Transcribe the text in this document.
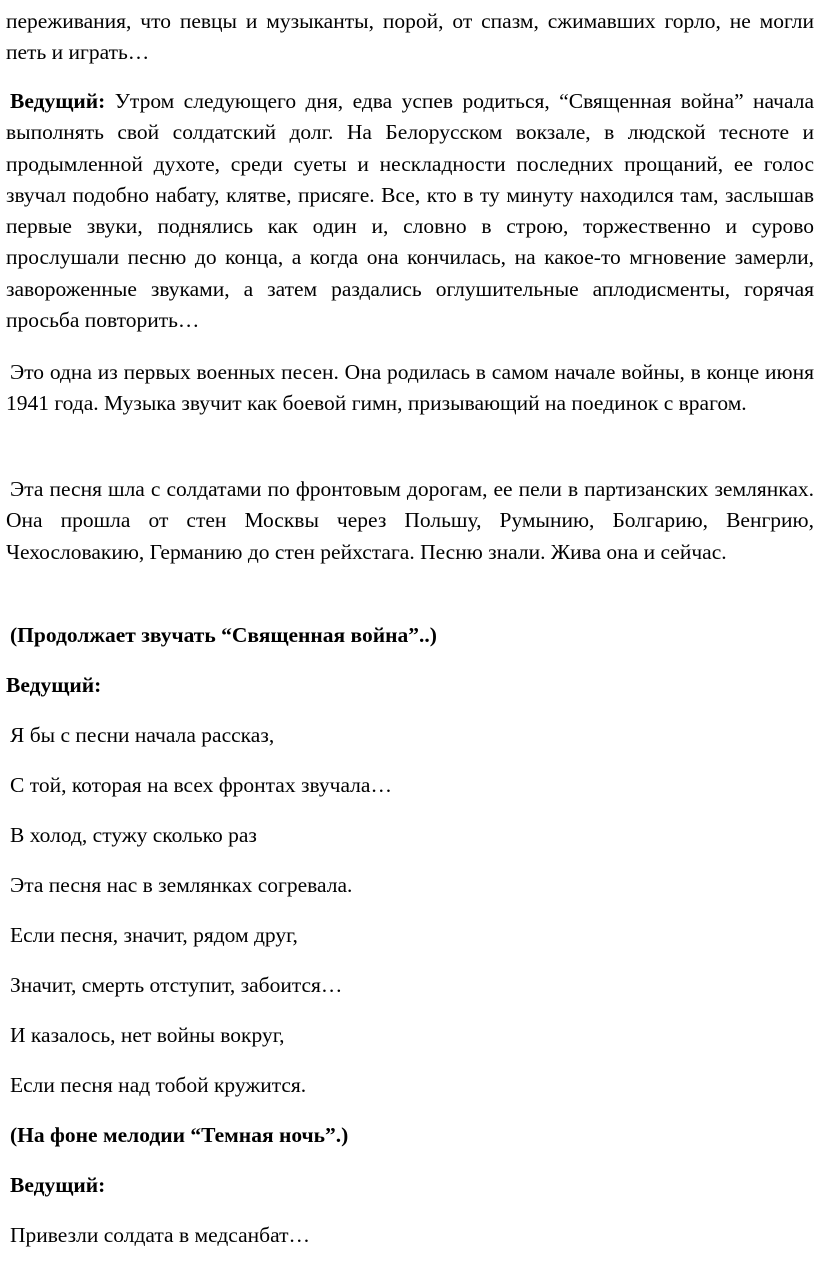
переживания, что певцы и музыканты, порой, от спазм, сжимавших горло, не могли петь и играть…

Ведущий: Утром следующего дня, едва успев родиться, “Священная война” начала выполнять свой солдатский долг. На Белорусском вокзале, в людской тесноте и продымленной духоте, среди суеты и нескладности последних прощаний, ее голос звучал подобно набату, клятве, присяге. Все, кто в ту минуту находился там, заслышав первые звуки, поднялись как один и, словно в строю, торжественно и сурово прослушали песню до конца, а когда она кончилась, на какое-то мгновение замерли, завороженные звуками, а затем раздались оглушительные аплодисменты, горячая просьба повторить…

Это одна из первых военных песен. Она родилась в самом начале войны, в конце июня 1941 года. Музыка звучит как боевой гимн, призывающий на поединок с врагом.

Эта песня шла с солдатами по фронтовым дорогам, ее пели в партизанских землянках. Она прошла от стен Москвы через Польшу, Румынию, Болгарию, Венгрию, Чехословакию, Германию до стен рейхстага. Песню знали. Жива она и сейчас.

(Продолжает звучать “Священная война”..)

Ведущий:

Я бы с песни начала рассказ,

С той, которая на всех фронтах звучала…

В холод, стужу сколько раз

Эта песня нас в землянках согревала.

Если песня, значит, рядом друг,

Значит, смерть отступит, забоится…

И казалось, нет войны вокруг,

Если песня над тобой кружится.

(На фоне мелодии “Темная ночь”.)

Ведущий:

Привезли солдата в медсанбат…
